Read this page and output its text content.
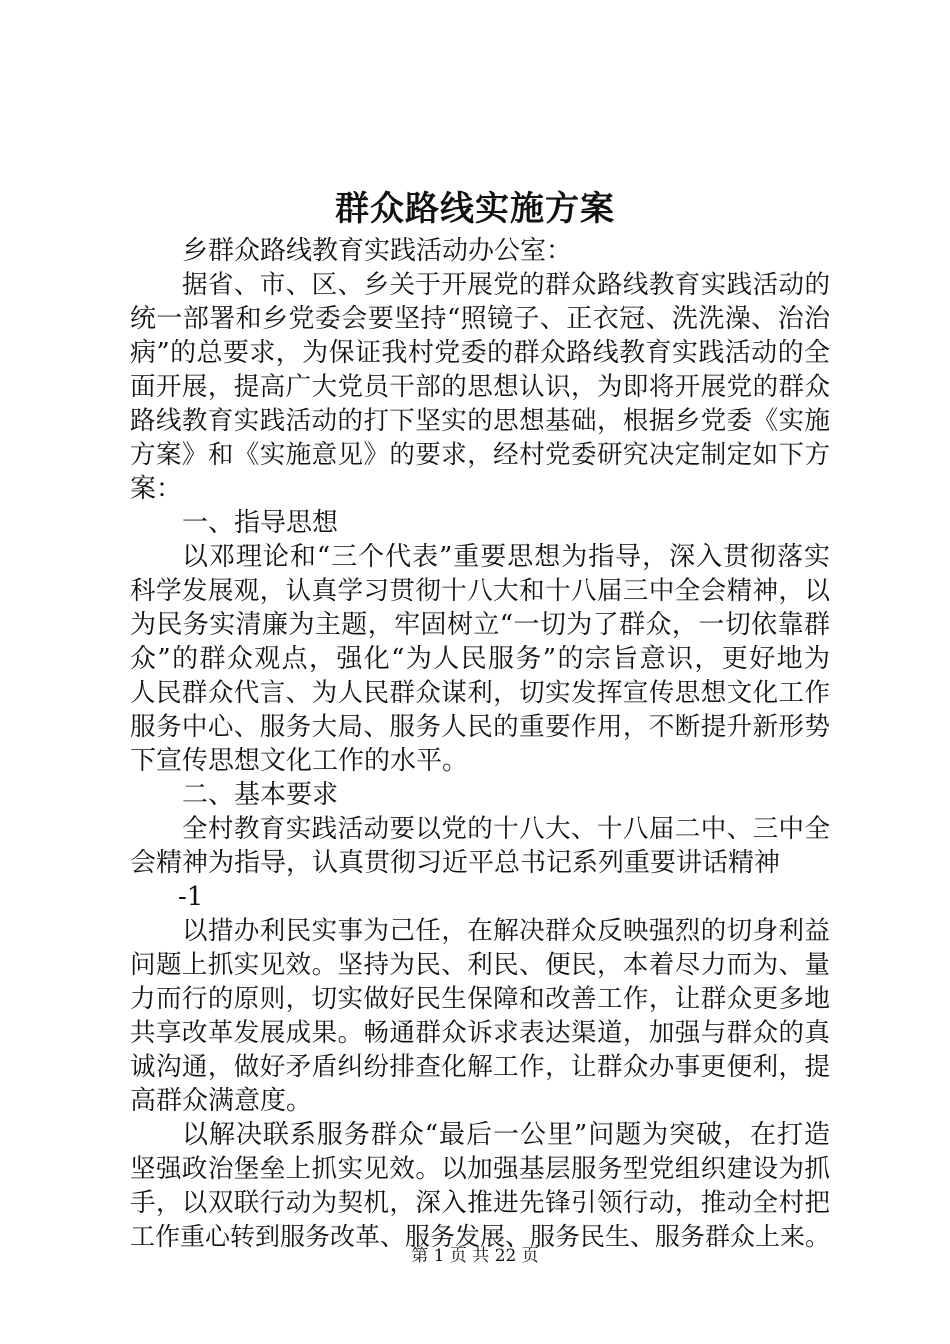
群众路线实施方案
乡群众路线教育实践活动办公室：
据省、市、区、乡关于开展党的群众路线教育实践活动的
统一部署和乡党委会要坚持“照镜子、正衣冠、洗洗澡、治治
病”的总要求，为保证我村党委的群众路线教育实践活动的全
面开展，提高广大党员干部的思想认识，为即将开展党的群众
路线教育实践活动的打下坚实的思想基础，根据乡党委《实施
方案》和《实施意见》的要求，经村党委研究决定制定如下方
案：
一、指导思想
以邓理论和“三个代表”重要思想为指导，深入贯彻落实
科学发展观，认真学习贯彻十八大和十八届三中全会精神，以
为民务实清廉为主题，牢固树立“一切为了群众，一切依靠群
众”的群众观点，强化“为人民服务”的宗旨意识，更好地为
人民群众代言、为人民群众谋利，切实发挥宣传思想文化工作
服务中心、服务大局、服务人民的重要作用，不断提升新形势
下宣传思想文化工作的水平。
二、基本要求
全村教育实践活动要以党的十八大、十八届二中、三中全
会精神为指导，认真贯彻习近平总书记系列重要讲话精神
-1
以措办利民实事为己任，在解决群众反映强烈的切身利益
问题上抓实见效。坚持为民、利民、便民，本着尽力而为、量
力而行的原则，切实做好民生保障和改善工作，让群众更多地
共享改革发展成果。畅通群众诉求表达渠道，加强与群众的真
诚沟通，做好矛盾纠纷排查化解工作，让群众办事更便利，提
高群众满意度。
以解决联系服务群众“最后一公里”问题为突破，在打造
坚强政治堡垒上抓实见效。以加强基层服务型党组织建设为抓
手，以双联行动为契机，深入推进先锋引领行动，推动全村把
工作重心转到服务改革、服务发展、服务民生、服务群众上来。
第 1 页 共 22 页
